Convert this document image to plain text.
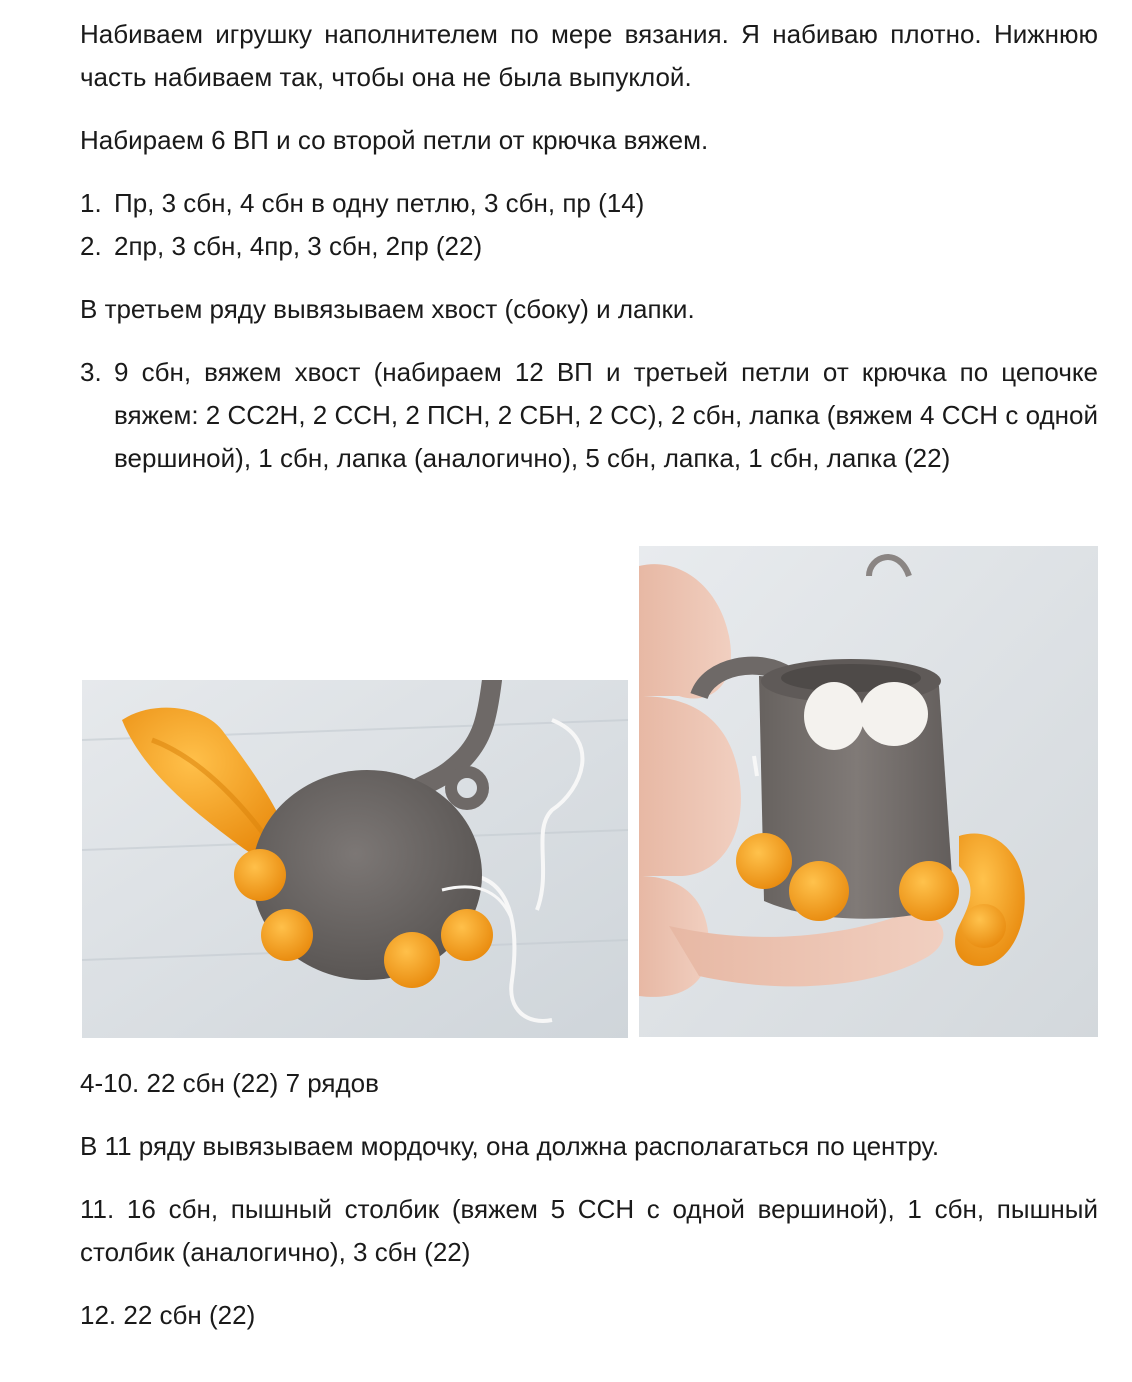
Набиваем игрушку наполнителем по мере вязания. Я набиваю плотно. Нижнюю часть набиваем так, чтобы она не была выпуклой.

Набираем 6 ВП и со второй петли от крючка вяжем.

1. Пр, 3 сбн, 4 сбн в одну петлю, 3 сбн, пр (14)
2. 2пр, 3 сбн, 4пр, 3 сбн, 2пр (22)

В третьем ряду вывязываем хвост (сбоку) и лапки.

3. 9 сбн, вяжем хвост (набираем 12 ВП и третьей петли от крючка по цепочке вяжем: 2 СС2Н, 2 ССН, 2 ПСН, 2 СБН, 2 СС), 2 сбн, лапка (вяжем 4 ССН с одной вершиной), 1 сбн, лапка (аналогично), 5 сбн, лапка, 1 сбн, лапка (22)

4-10. 22 сбн (22) 7 рядов

В 11 ряду вывязываем мордочку, она должна располагаться по центру.

11. 16 сбн, пышный столбик (вяжем 5 ССН с одной вершиной), 1 сбн, пышный столбик (аналогично), 3 сбн (22)

12. 22 сбн (22)
